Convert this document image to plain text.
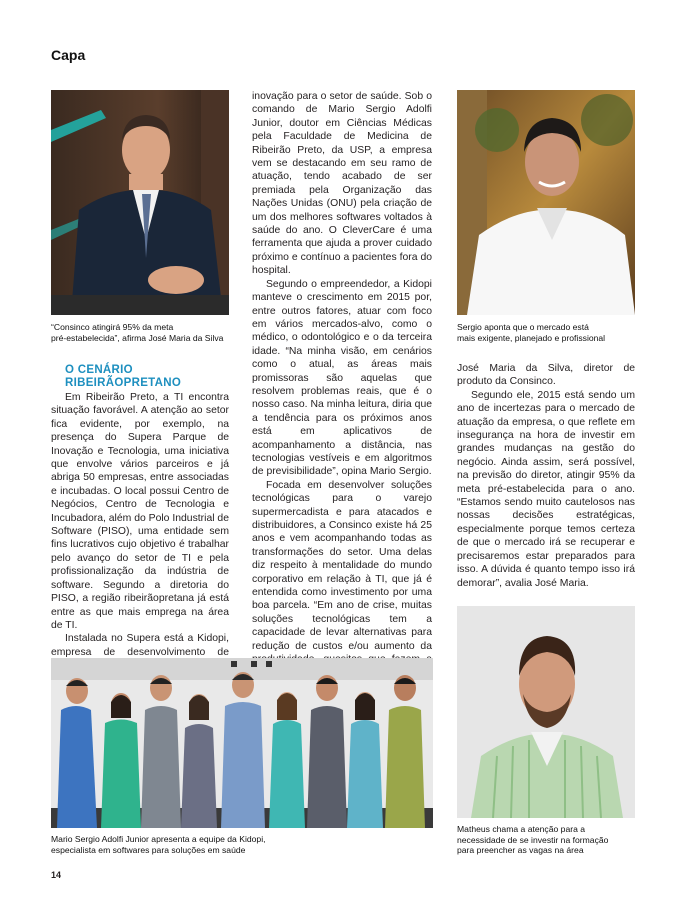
Capa
“Consinco atingirá 95% da meta
pré-estabelecida”, afirma José Maria da Silva
O CENÁRIO
RIBEIRÃOPRETANO

Em Ribeirão Preto, a TI encontra situação favorável. A atenção ao setor fica evidente, por exemplo, na presença do Supera Parque de Inovação e Tecnologia, uma iniciativa que envolve vários parceiros e já abriga 50 empresas, entre associadas e incubadas. O local possui Centro de Negócios, Centro de Tecnologia e Incubadora, além do Polo Industrial de Software (PISO), uma entidade sem fins lucrativos cujo objetivo é trabalhar pelo avanço do setor de TI e pela profissionalização da indústria de software. Segundo a diretoria do PISO, a região ribeirãopretana já está entre as que mais emprega na área de TI.

Instalada no Supera está a Kidopi, empresa de desenvolvimento de

inovação para o setor de saúde. Sob o comando de Mario Sergio Adolfi Junior, doutor em Ciências Médicas pela Faculdade de Medicina de Ribeirão Preto, da USP, a empresa vem se destacando em seu ramo de atuação, tendo acabado de ser premiada pela Organização das Nações Unidas (ONU) pela criação de um dos melhores softwares voltados à saúde do ano. O CleverCare é uma ferramenta que ajuda a prover cuidado próximo e contínuo a pacientes fora do hospital.

Segundo o empreendedor, a Kidopi manteve o crescimento em 2015 por, entre outros fatores, atuar com foco em vários mercados-alvo, como o médico, o odontológico e o da terceira idade. “Na minha visão, em cenários como o atual, as áreas mais promissoras são aquelas que resolvem problemas reais, que é o nosso caso. Na minha leitura, diria que a tendência para os próximos anos está em aplicativos de acompanhamento a distância, nas tecnologias vestíveis e em algoritmos de previsibilidade”, opina Mario Sergio.

Focada em desenvolver soluções tecnológicas para o varejo supermercadista e para atacados e distribuidores, a Consinco existe há 25 anos e vem acompanhando todas as transformações do setor. Uma delas diz respeito à mentalidade do mundo corporativo em relação à TI, que já é entendida como investimento por uma boa parcela. “Em ano de crise, muitas soluções tecnológicas tem a capacidade de levar alternativas para redução de custos e/ou aumento da

Sergio aponta que o mercado está
mais exigente, planejado e profissional

José Maria da Silva, diretor de produto da Consinco.

Segundo ele, 2015 está sendo um ano de incertezas para o mercado de atuação da empresa, o que reflete em insegurança na hora de investir em grandes mudanças na gestão do negócio. Ainda assim, será possível, na previsão do diretor, atingir 95% da meta pré-estabelecida para o ano. “Estamos sendo muito cautelosos nas nossas decisões estratégicas, especialmente porque temos certeza de que o mercado irá se recuperar e precisaremos estar preparados para isso. A dúvida é quanto tempo isso irá demorar”, avalia José Maria.

Mario Sergio Adolfi Junior apresenta a equipe da Kidopi,
especialista em softwares para soluções em saúde
Matheus chama a atenção para a
necessidade de se investir na formação
para preencher as vagas na área
14
